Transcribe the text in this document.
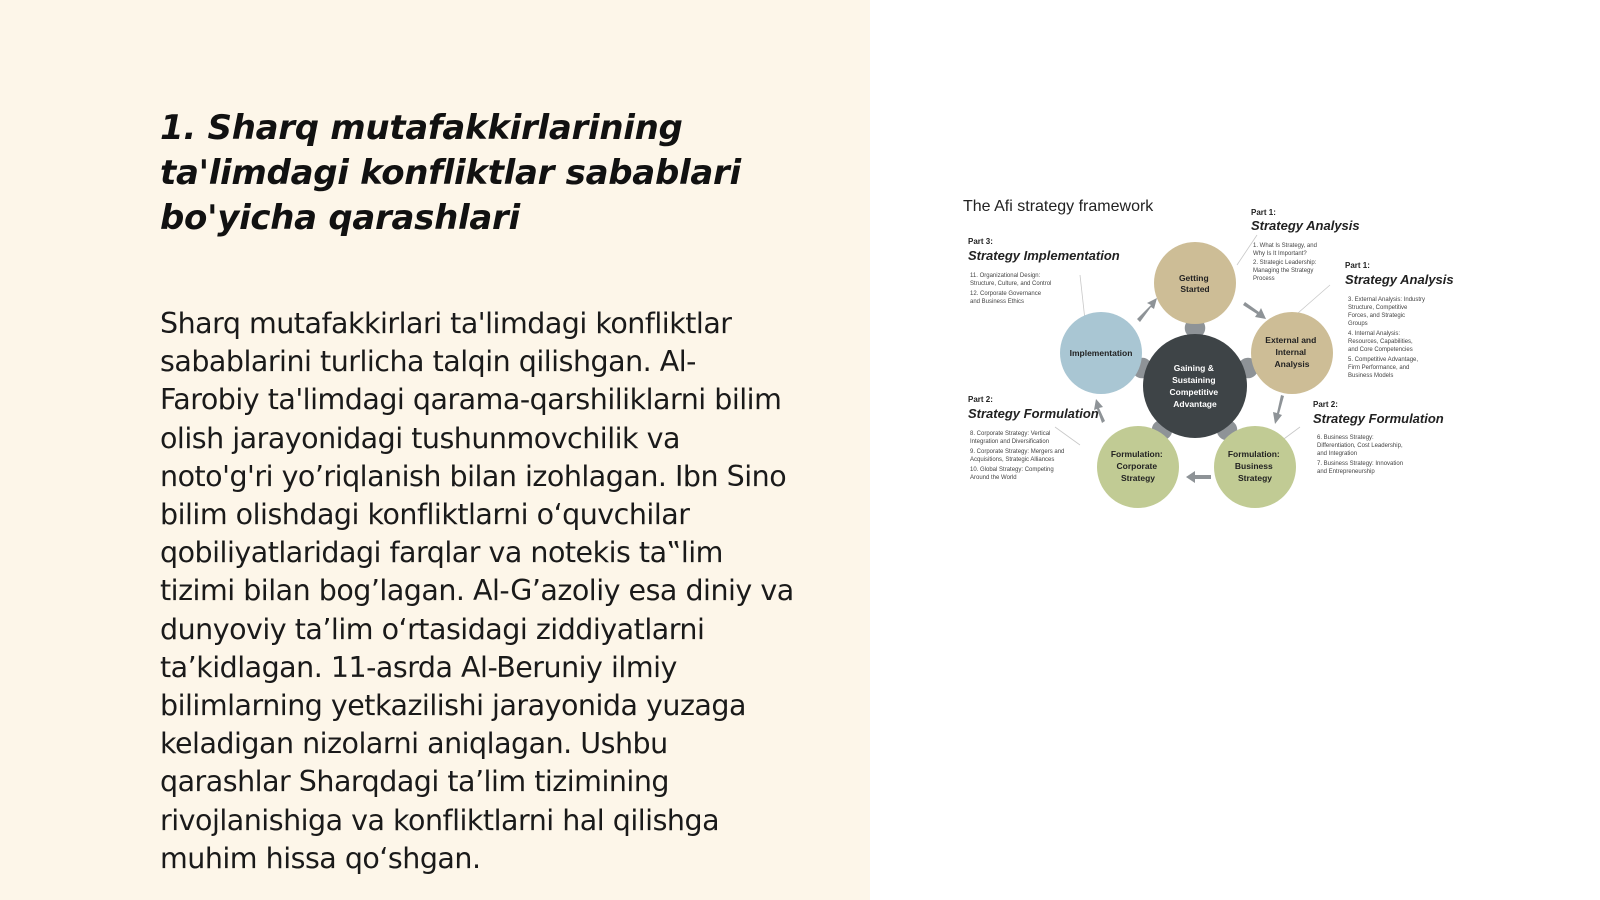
1. Sharq mutafakkirlarining
ta'limdagi konfliktlar sabablari
bo'yicha qarashlari
Sharq mutafakkirlari ta'limdagi konfliktlar
sabablarini turlicha talqin qilishgan. Al-
Farobiy ta'limdagi qarama-qarshiliklarni bilim
olish jarayonidagi tushunmovchilik va
noto'g'ri yo’riqlanish bilan izohlagan. Ibn Sino
bilim olishdagi konfliktlarni o‘quvchilar
qobiliyatlaridagi farqlar va notekis ta‟lim
tizimi bilan bog’lagan. Al-G’azoliy esa diniy va
dunyoviy ta’lim o‘rtasidagi ziddiyatlarni
ta’kidlagan. 11-asrda Al-Beruniy ilmiy
bilimlarning yetkazilishi jarayonida yuzaga
keladigan nizolarni aniqlagan. Ushbu
qarashlar Sharqdagi ta’lim tizimining
rivojlanishiga va konfliktlarni hal qilishga
muhim hissa qo‘shgan.
The Afi strategy framework
Getting Started
External and Internal Analysis
Formulation: Business Strategy
Formulation: Corporate Strategy
Implementation
Gaining & Sustaining Competitive Advantage
Part 1:
Strategy Analysis
1. What Is Strategy, and Why Is It Important? 2. Strategic Leadership: Managing the Strategy Process
Part 1:
Strategy Analysis
3. External Analysis: Industry Structure, Competitive Forces, and Strategic Groups 4. Internal Analysis: Resources, Capabilities, and Core Competencies 5. Competitive Advantage, Firm Performance, and Business Models
Part 2:
Strategy Formulation
6. Business Strategy: Differentiation, Cost Leadership, and Integration 7. Business Strategy: Innovation and Entrepreneurship
Part 2:
Strategy Formulation
8. Corporate Strategy: Vertical Integration and Diversification 9. Corporate Strategy: Mergers and Acquisitions, Strategic Alliances 10. Global Strategy: Competing Around the World
Part 3:
Strategy Implementation
11. Organizational Design: Structure, Culture, and Control 12. Corporate Governance and Business Ethics
